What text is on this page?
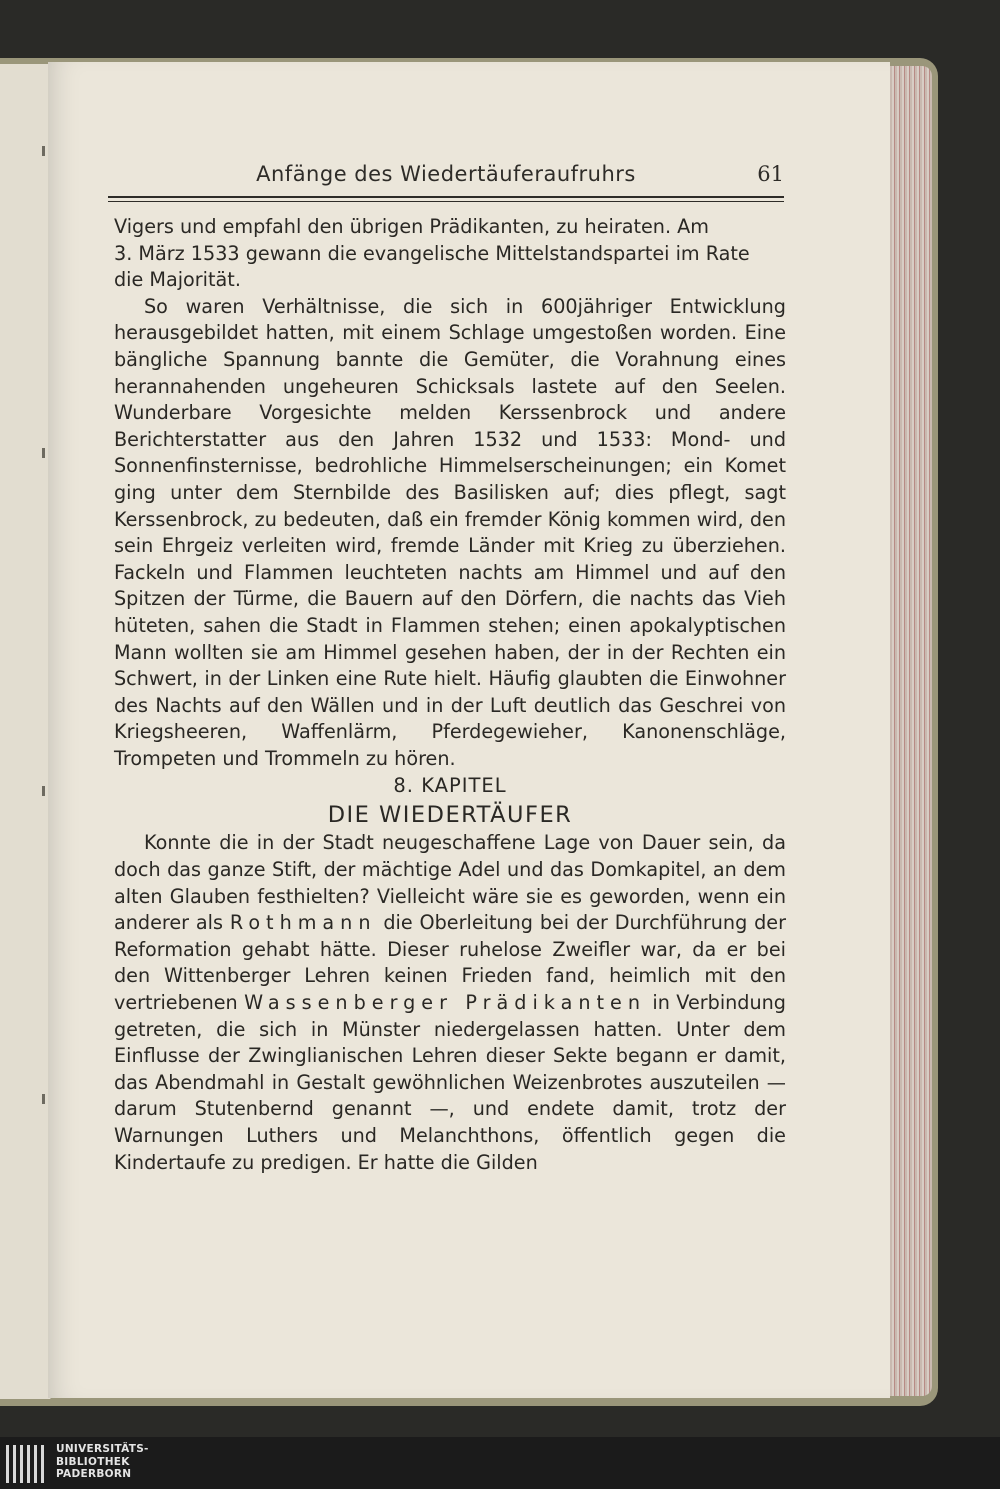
Anfänge des Wiedertäuferaufruhrs	61

Vigers und empfahl den übrigen Prädikanten, zu heiraten. Am
3. März 1533 gewann die evangelische Mittelstandspartei im Rate
die Majorität.

So waren Verhältnisse, die sich in 600jähriger Entwicklung herausgebildet hatten, mit einem Schlage umgestoßen worden. Eine bängliche Spannung bannte die Gemüter, die Vorahnung eines herannahenden ungeheuren Schicksals lastete auf den Seelen. Wunderbare Vorgesichte melden Kerssenbrock und andere Berichterstatter aus den Jahren 1532 und 1533: Mond- und Sonnenfinsternisse, bedrohliche Himmelserscheinungen; ein Komet ging unter dem Sternbilde des Basilisken auf; dies pflegt, sagt Kerssenbrock, zu bedeuten, daß ein fremder König kommen wird, den sein Ehrgeiz verleiten wird, fremde Länder mit Krieg zu überziehen. Fackeln und Flammen leuchteten nachts am Himmel und auf den Spitzen der Türme, die Bauern auf den Dörfern, die nachts das Vieh hüteten, sahen die Stadt in Flammen stehen; einen apokalyptischen Mann wollten sie am Himmel gesehen haben, der in der Rechten ein Schwert, in der Linken eine Rute hielt. Häufig glaubten die Einwohner des Nachts auf den Wällen und in der Luft deutlich das Geschrei von Kriegsheeren, Waffenlärm, Pferdegewieher, Kanonenschläge, Trompeten und Trommeln zu hören.

8. KAPITEL

DIE WIEDERTÄUFER

Konnte die in der Stadt neugeschaffene Lage von Dauer sein, da doch das ganze Stift, der mächtige Adel und das Domkapitel, an dem alten Glauben festhielten? Vielleicht wäre sie es geworden, wenn ein anderer als Rothmann die Oberleitung bei der Durchführung der Reformation gehabt hätte. Dieser ruhelose Zweifler war, da er bei den Wittenberger Lehren keinen Frieden fand, heimlich mit den vertriebenen Wassenberger Prädikanten in Verbindung getreten, die sich in Münster niedergelassen hatten. Unter dem Einflusse der Zwinglianischen Lehren dieser Sekte begann er damit, das Abendmahl in Gestalt gewöhnlichen Weizenbrotes auszuteilen — darum Stutenbernd genannt —, und endete damit, trotz der Warnungen Luthers und Melanchthons, öffentlich gegen die Kindertaufe zu predigen. Er hatte die Gilden

UNIVERSITÄTS-
BIBLIOTHEK
PADERBORN
